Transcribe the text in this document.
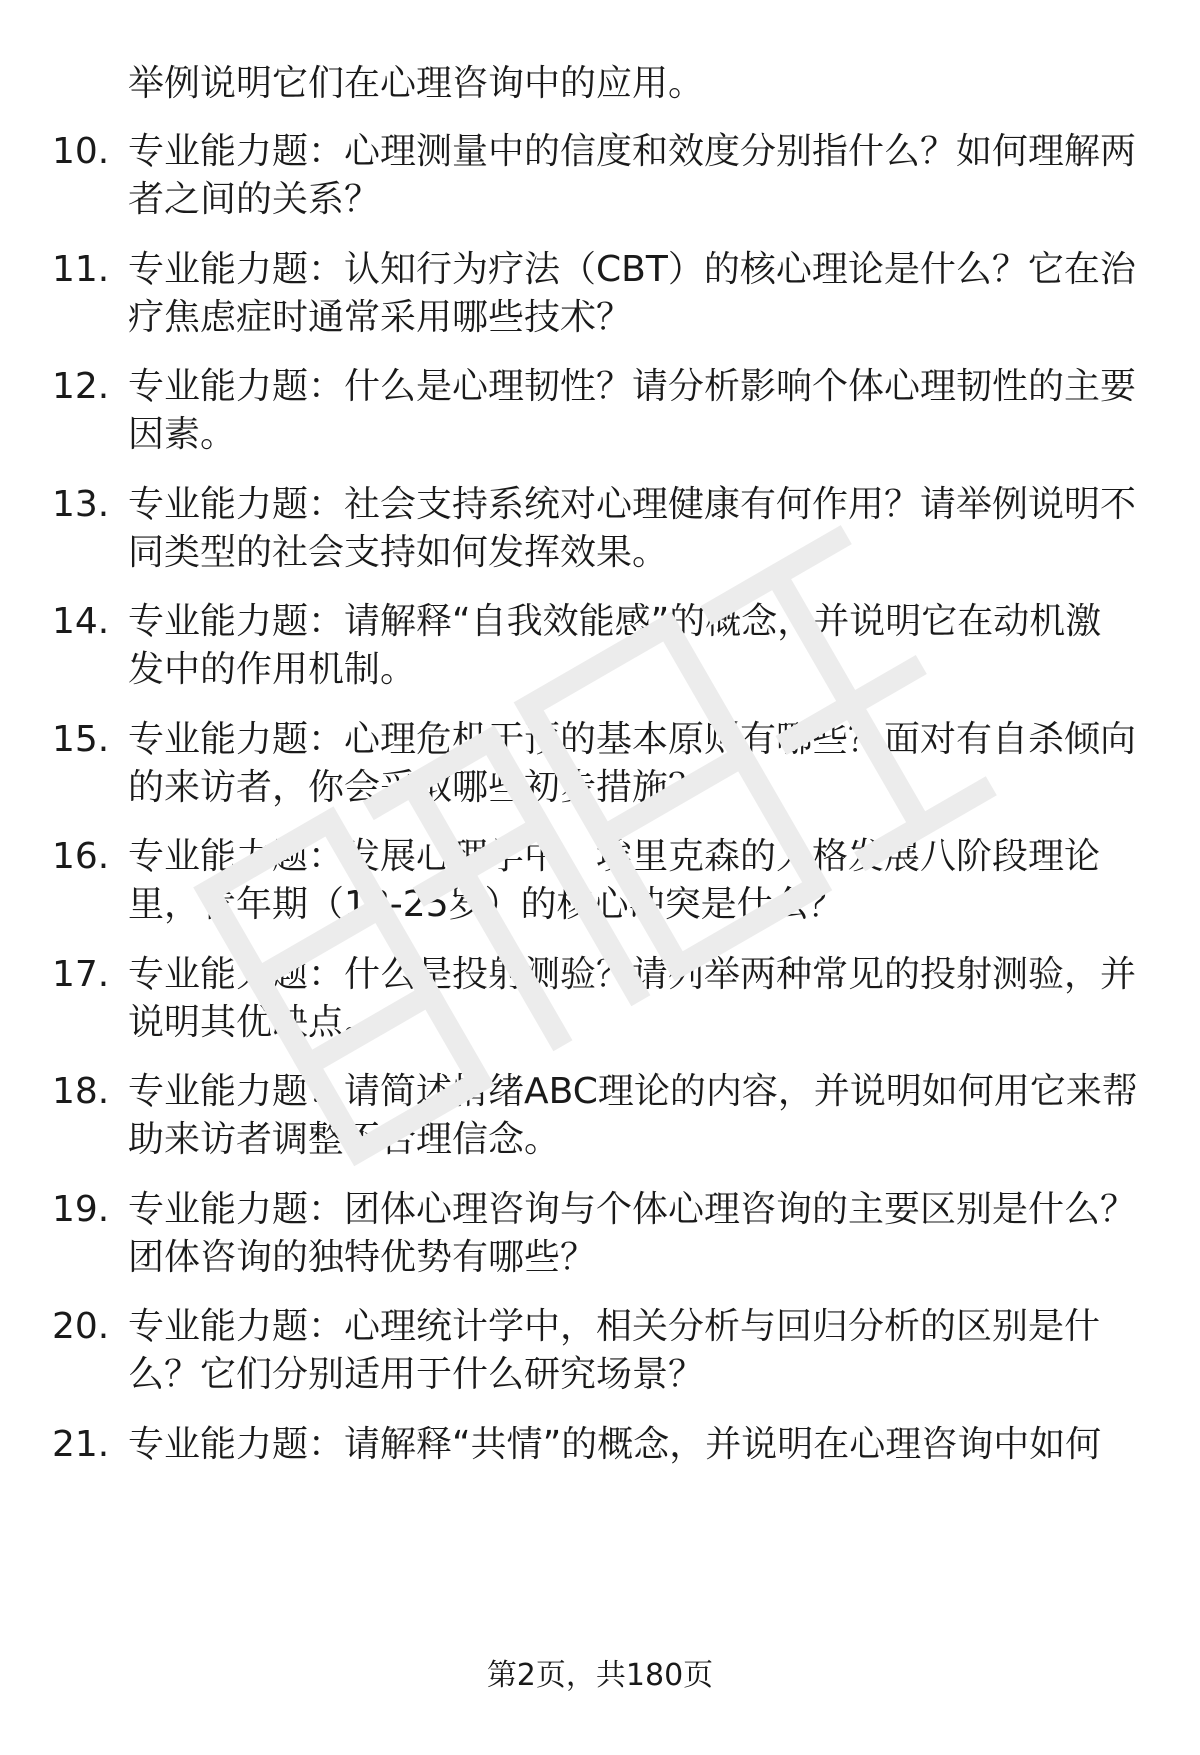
举例说明它们在心理咨询中的应用。
10. 专业能力题：心理测量中的信度和效度分别指什么？如何理解两
者之间的关系？
11. 专业能力题：认知行为疗法（CBT）的核心理论是什么？它在治
疗焦虑症时通常采用哪些技术？
12. 专业能力题：什么是心理韧性？请分析影响个体心理韧性的主要
因素。
13. 专业能力题：社会支持系统对心理健康有何作用？请举例说明不
同类型的社会支持如何发挥效果。
14. 专业能力题：请解释“自我效能感”的概念，并说明它在动机激
发中的作用机制。
15. 专业能力题：心理危机干预的基本原则有哪些？面对有自杀倾向
的来访者，你会采取哪些初步措施？
16. 专业能力题：发展心理学中，埃里克森的人格发展八阶段理论
里，青年期（18-25岁）的核心冲突是什么？
17. 专业能力题：什么是投射测验？请列举两种常见的投射测验，并
说明其优缺点。
18. 专业能力题：请简述情绪ABC理论的内容，并说明如何用它来帮
助来访者调整不合理信念。
19. 专业能力题：团体心理咨询与个体心理咨询的主要区别是什么？
团体咨询的独特优势有哪些？
20. 专业能力题：心理统计学中，相关分析与回归分析的区别是什
么？它们分别适用于什么研究场景？
21. 专业能力题：请解释“共情”的概念，并说明在心理咨询中如何
第2页，共180页
